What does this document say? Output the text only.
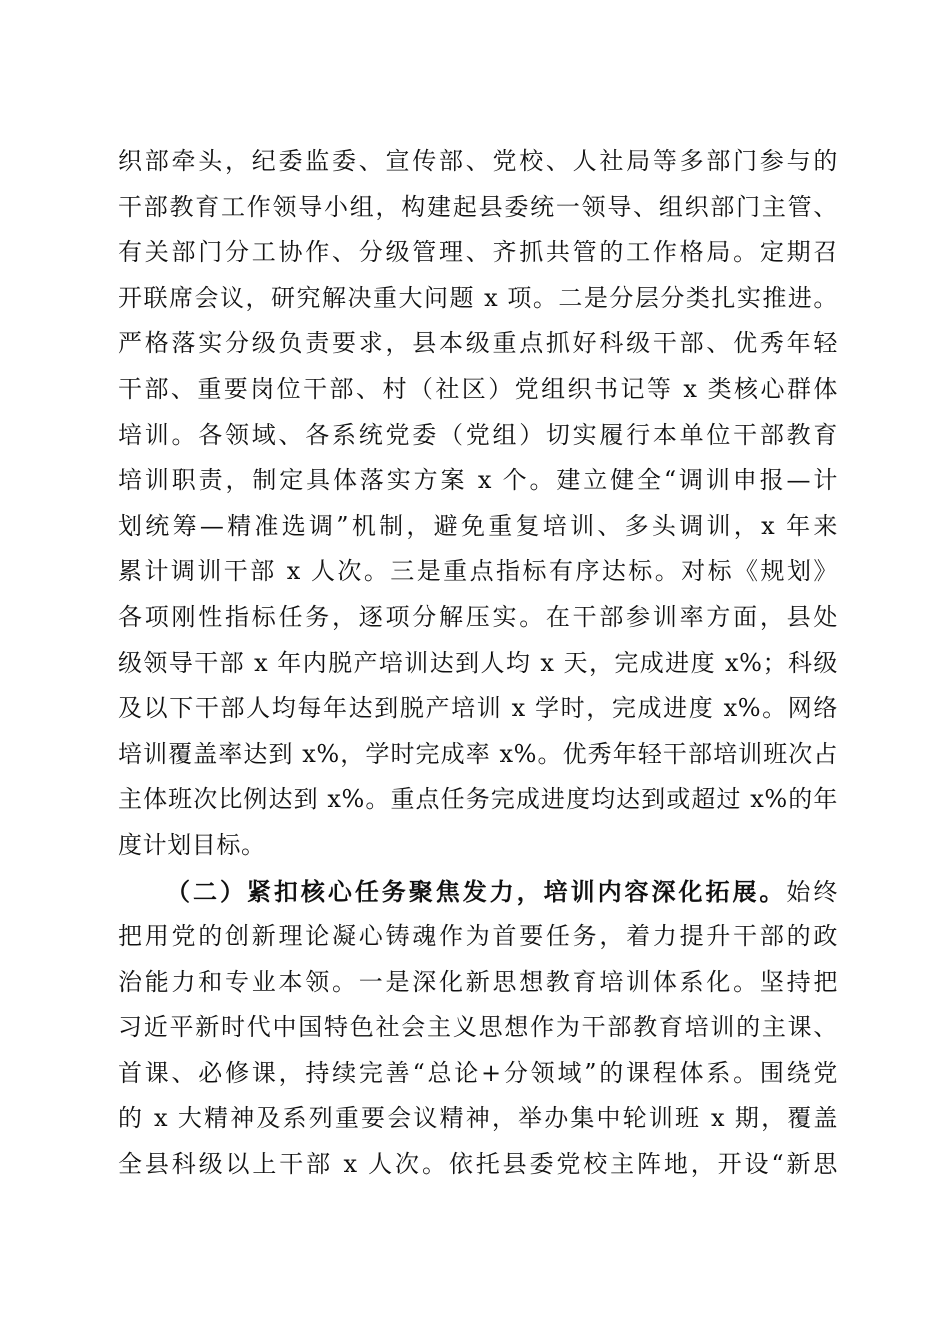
织部牵头，纪委监委、宣传部、党校、人社局等多部门参与的
干部教育工作领导小组，构建起县委统一领导、组织部门主管、
有关部门分工协作、分级管理、齐抓共管的工作格局。定期召
开联席会议，研究解决重大问题 x 项。二是分层分类扎实推进。
严格落实分级负责要求，县本级重点抓好科级干部、优秀年轻
干部、重要岗位干部、村（社区）党组织书记等 x 类核心群体
培训。各领域、各系统党委（党组）切实履行本单位干部教育
培训职责，制定具体落实方案 x 个。建立健全“调训申报—计
划统筹—精准选调”机制，避免重复培训、多头调训，x 年来
累计调训干部 x 人次。三是重点指标有序达标。对标《规划》
各项刚性指标任务，逐项分解压实。在干部参训率方面，县处
级领导干部 x 年内脱产培训达到人均 x 天，完成进度 x%；科级
及以下干部人均每年达到脱产培训 x 学时，完成进度 x%。网络
培训覆盖率达到 x%，学时完成率 x%。优秀年轻干部培训班次占
主体班次比例达到 x%。重点任务完成进度均达到或超过 x%的年
度计划目标。
（二）紧扣核心任务聚焦发力，培训内容深化拓展。始终
把用党的创新理论凝心铸魂作为首要任务，着力提升干部的政
治能力和专业本领。一是深化新思想教育培训体系化。坚持把
习近平新时代中国特色社会主义思想作为干部教育培训的主课、
首课、必修课，持续完善“总论+分领域”的课程体系。围绕党
的 x 大精神及系列重要会议精神，举办集中轮训班 x 期，覆盖
全县科级以上干部 x 人次。依托县委党校主阵地，开设“新思
